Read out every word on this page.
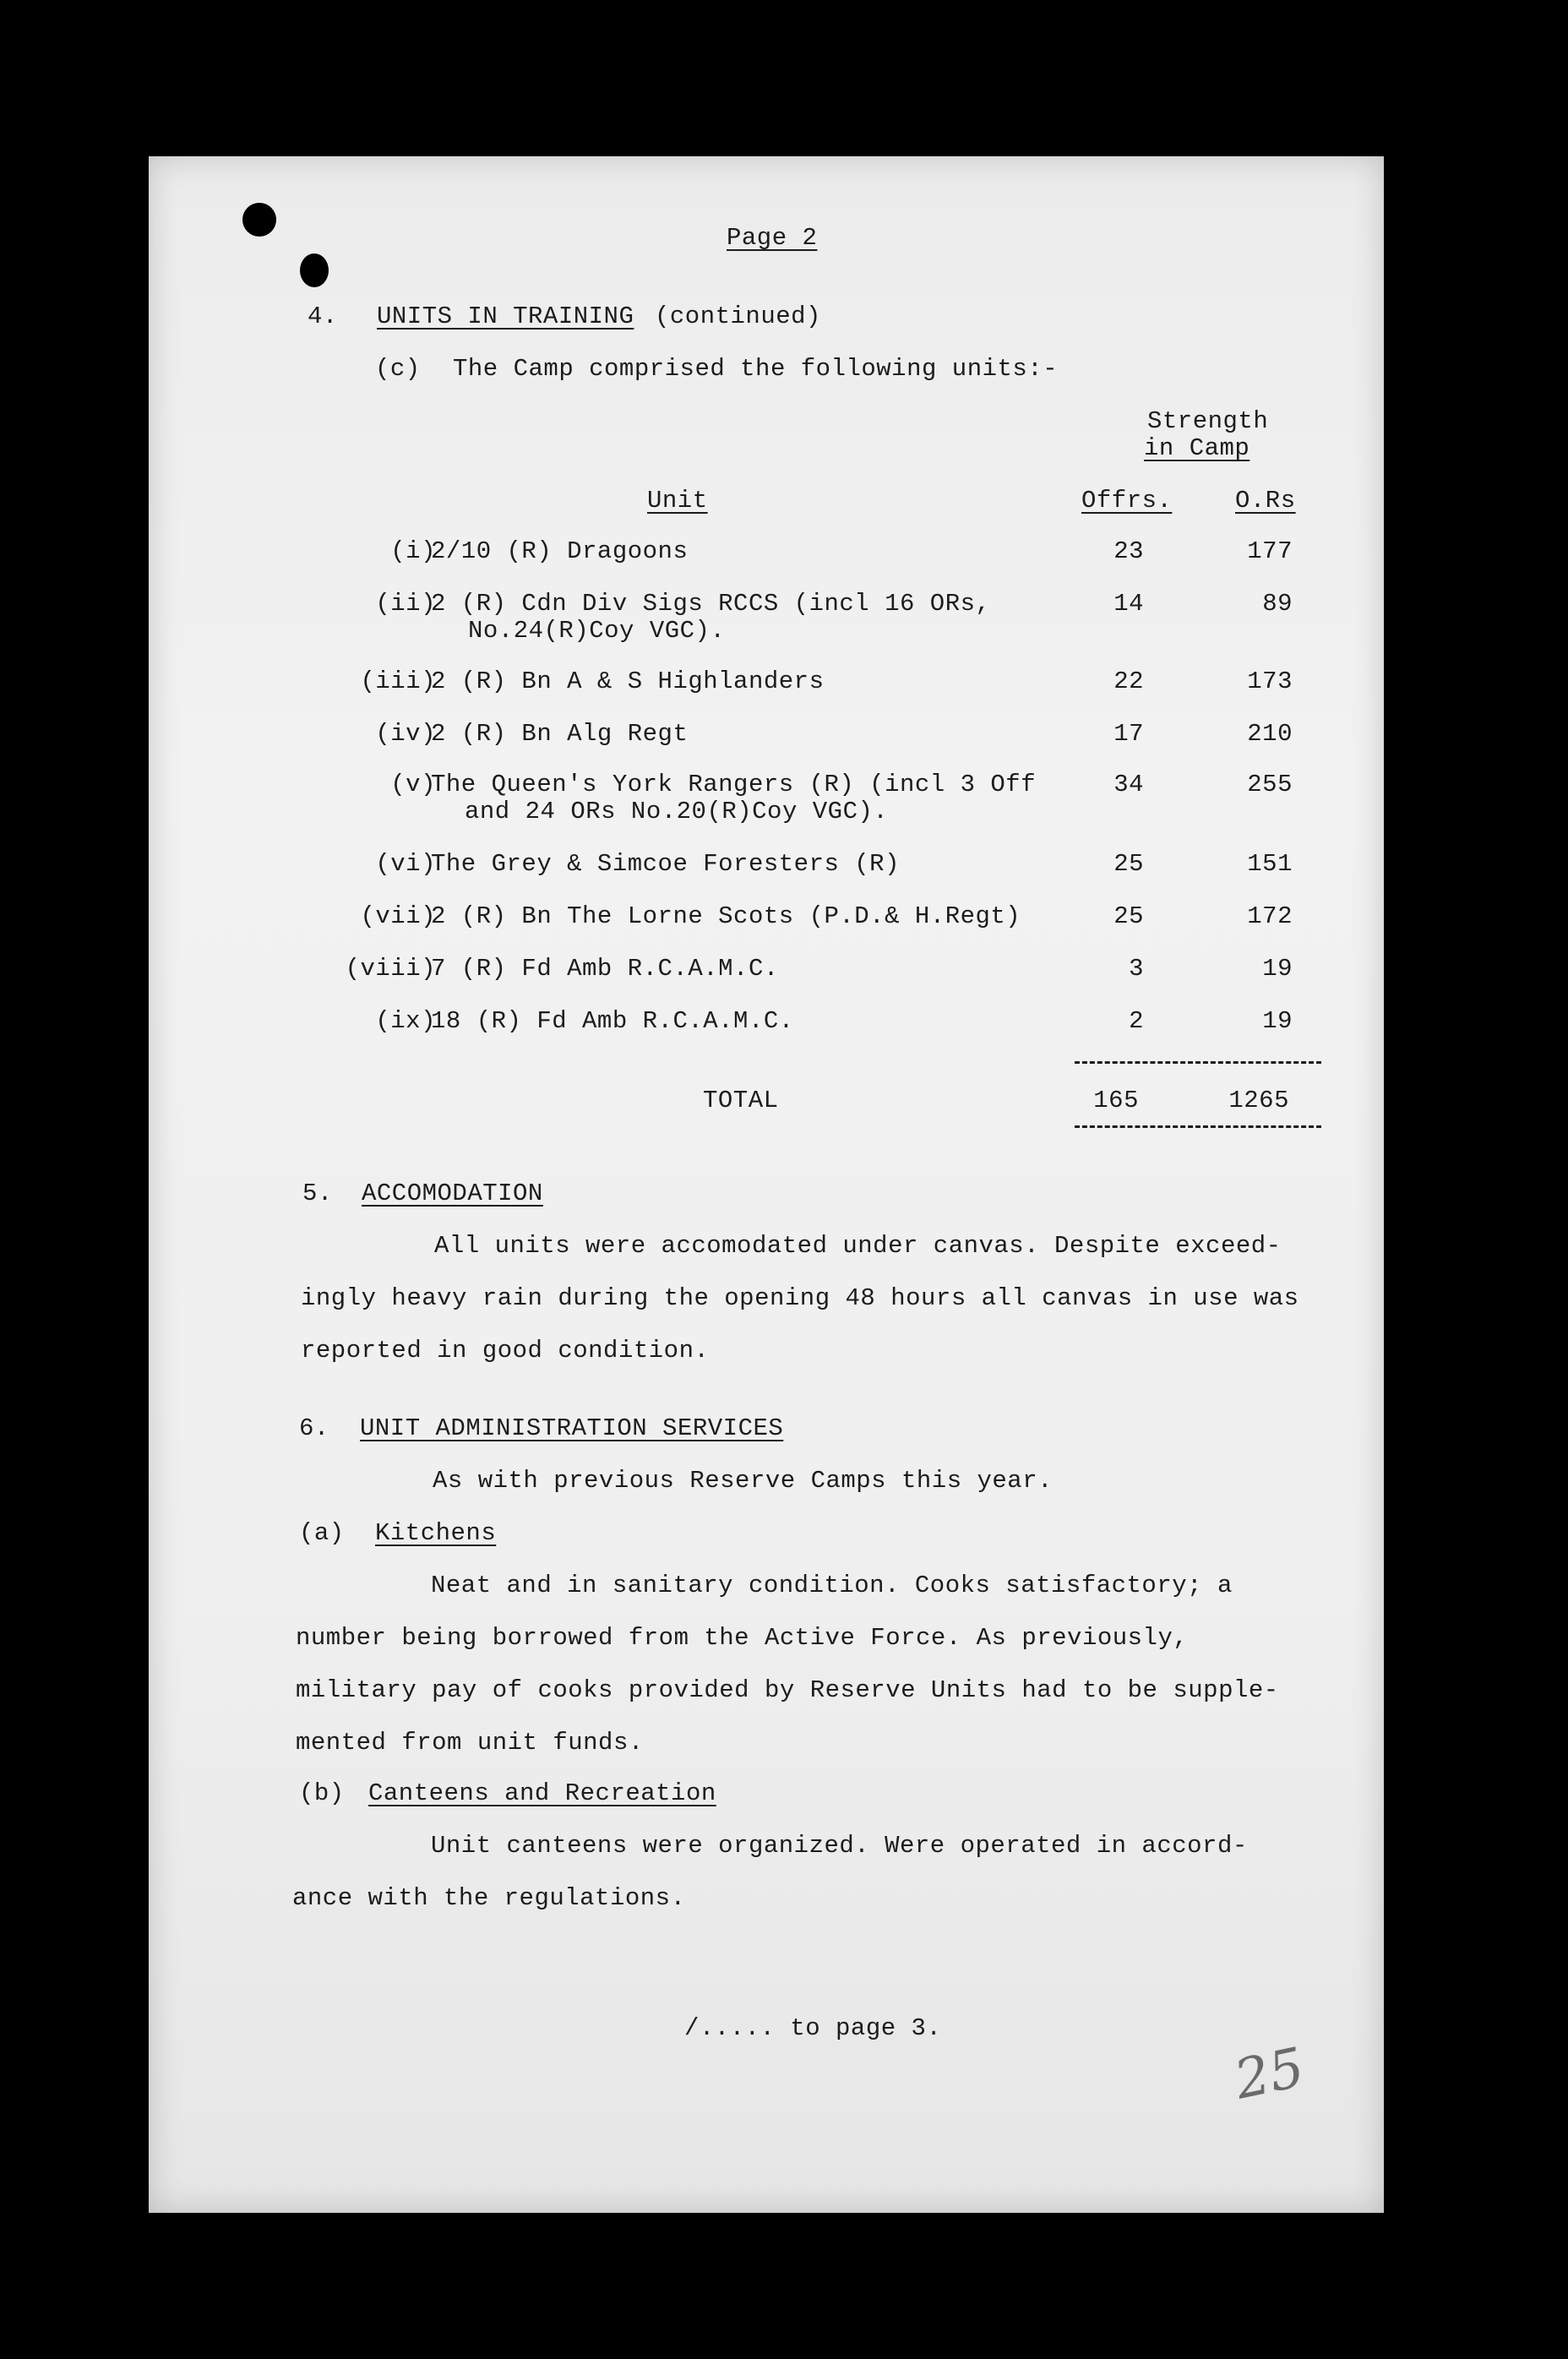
Page 2
4. UNITS IN TRAINING (continued)
(c) The Camp comprised the following units:-
Strength
in Camp
Unit	Offrs.	O.Rs
(i)
2/10 (R) Dragoons	23	177
(ii)
2 (R) Cdn Div Sigs RCCS (incl 16 ORs,
No.24(R)Coy VGC).
14	89
(iii)
2 (R) Bn A & S Highlanders	22	173
(iv)
2 (R) Bn Alg Regt	17	210
(v)
The Queen's York Rangers (R) (incl 3 Off
and 24 ORs No.20(R)Coy VGC).
34	255
(vi)
The Grey & Simcoe Foresters (R)	25	151
(vii)
2 (R) Bn The Lorne Scots (P.D.& H.Regt)	25	172
(viii)
7 (R) Fd Amb R.C.A.M.C.	3	19
(ix)
18 (R) Fd Amb R.C.A.M.C.	2	19
TOTAL	165	1265
5. ACCOMODATION
All units were accomodated under canvas. Despite exceed-
ingly heavy rain during the opening 48 hours all canvas in use was
reported in good condition.
6. UNIT ADMINISTRATION SERVICES
As with previous Reserve Camps this year.
(a) Kitchens
Neat and in sanitary condition. Cooks satisfactory; a
number being borrowed from the Active Force. As previously,
military pay of cooks provided by Reserve Units had to be supple-
mented from unit funds.
(b) Canteens and Recreation
Unit canteens were organized. Were operated in accord-
ance with the regulations.
/..... to page 3.
25
